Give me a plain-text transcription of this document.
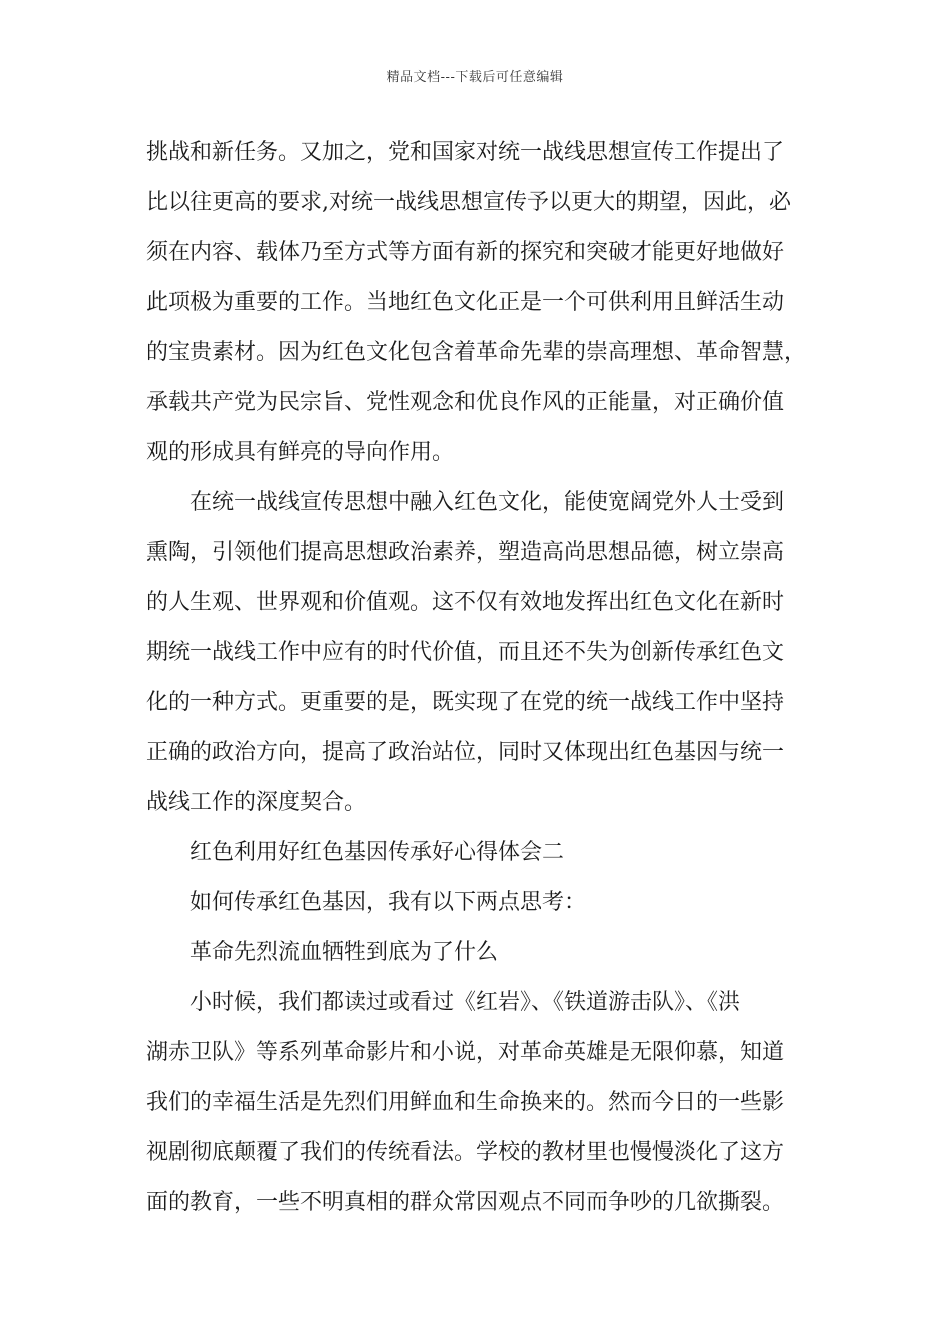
精品文档---下载后可任意编辑
挑战和新任务。又加之，党和国家对统一战线思想宣传工作提出了
比以往更高的要求,对统一战线思想宣传予以更大的期望，因此，必
须在内容、载体乃至方式等方面有新的探究和突破才能更好地做好
此项极为重要的工作。当地红色文化正是一个可供利用且鲜活生动
的宝贵素材。因为红色文化包含着革命先辈的崇高理想、革命智慧，
承载共产党为民宗旨、党性观念和优良作风的正能量，对正确价值
观的形成具有鲜亮的导向作用。
在统一战线宣传思想中融入红色文化，能使宽阔党外人士受到
熏陶，引领他们提高思想政治素养，塑造高尚思想品德，树立崇高
的人生观、世界观和价值观。这不仅有效地发挥出红色文化在新时
期统一战线工作中应有的时代价值，而且还不失为创新传承红色文
化的一种方式。更重要的是，既实现了在党的统一战线工作中坚持
正确的政治方向，提高了政治站位，同时又体现出红色基因与统一
战线工作的深度契合。
红色利用好红色基因传承好心得体会二
如何传承红色基因，我有以下两点思考：
革命先烈流血牺牲到底为了什么
小时候，我们都读过或看过《红岩》、《铁道游击队》、《洪
湖赤卫队》等系列革命影片和小说，对革命英雄是无限仰慕，知道
我们的幸福生活是先烈们用鲜血和生命换来的。然而今日的一些影
视剧彻底颠覆了我们的传统看法。学校的教材里也慢慢淡化了这方
面的教育，一些不明真相的群众常因观点不同而争吵的几欲撕裂。
